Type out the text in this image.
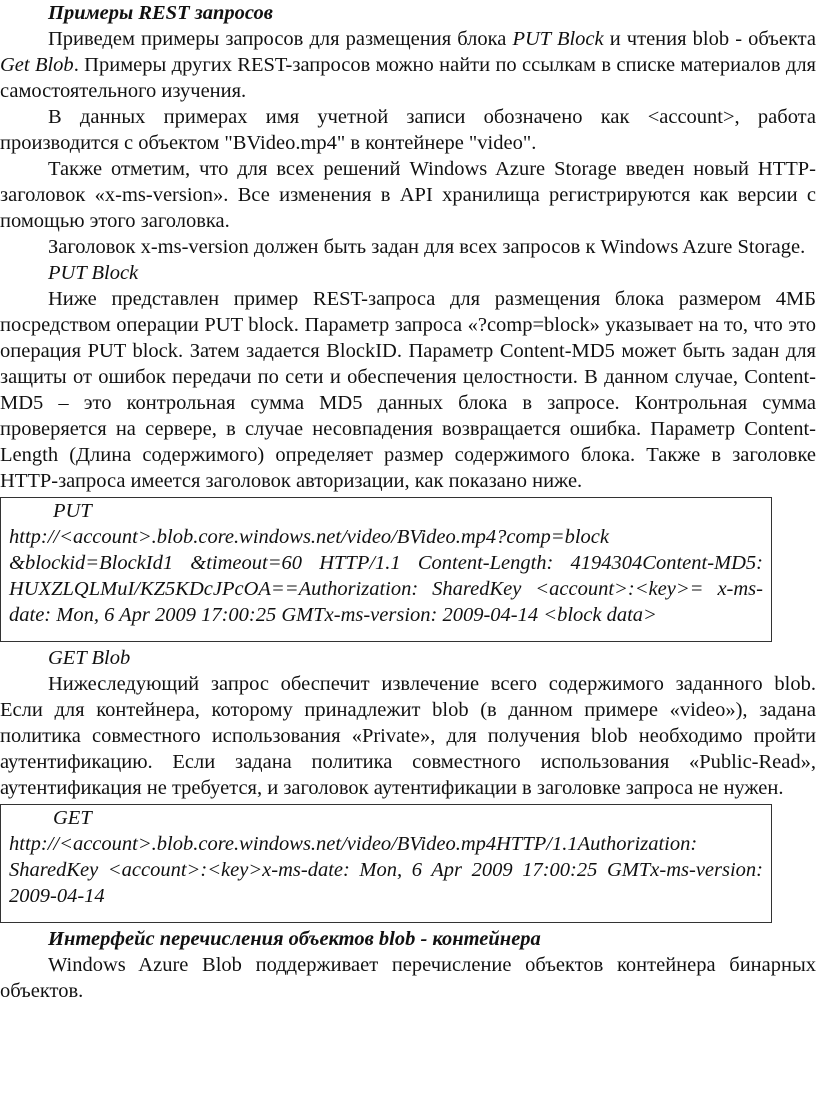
Примеры REST запросов

Приведем примеры запросов для размещения блока PUT Block и чтения blob - объекта Get Blob. Примеры других REST-запросов можно найти по ссылкам в списке материалов для самостоятельного изучения.

В данных примерах имя учетной записи обозначено как <account>, работа производится с объектом "BVideo.mp4" в контейнере "video".

Также отметим, что для всех решений Windows Azure Storage введен новый HTTP-заголовок «x-ms-version». Все изменения в API хранилища регистрируются как версии с помощью этого заголовка.

Заголовок x-ms-version должен быть задан для всех запросов к Windows Azure Storage.

PUT Block

Ниже представлен пример REST-запроса для размещения блока размером 4МБ посредством операции PUT block. Параметр запроса «?comp=block» указывает на то, что это операция PUT block. Затем задается BlockID. Параметр Content-MD5 может быть задан для защиты от ошибок передачи по сети и обеспечения целостности. В данном случае, Content-MD5 – это контрольная сумма MD5 данных блока в запросе. Контрольная сумма проверяется на сервере, в случае несовпадения возвращается ошибка. Параметр Content-Length (Длина содержимого) определяет размер содержимого блока. Также в заголовке HTTP-запроса имеется заголовок авторизации, как показано ниже.

PUT

http://<account>.blob.core.windows.net/video/BVideo.mp4?comp=block &blockid=BlockId1 &timeout=60 HTTP/1.1 Content-Length: 4194304Content-MD5: HUXZLQLMuI/KZ5KDcJPcOA==Authorization: SharedKey <account>:<key>= x-ms-date: Mon, 6 Apr 2009 17:00:25 GMTx-ms-version: 2009-04-14 <block data>

GET Blob

Нижеследующий запрос обеспечит извлечение всего содержимого заданного blob. Если для контейнера, которому принадлежит blob (в данном примере «video»), задана политика совместного использования «Private», для получения blob необходимо пройти аутентификацию. Если задана политика совместного использования «Public-Read», аутентификация не требуется, и заголовок аутентификации в заголовке запроса не нужен.

GET

http://<account>.blob.core.windows.net/video/BVideo.mp4HTTP/1.1Authorization: SharedKey <account>:<key>x-ms-date: Mon, 6 Apr 2009 17:00:25 GMTx-ms-version: 2009-04-14

Интерфейс перечисления объектов blob - контейнера

Windows Azure Blob поддерживает перечисление объектов контейнера бинарных объектов.
